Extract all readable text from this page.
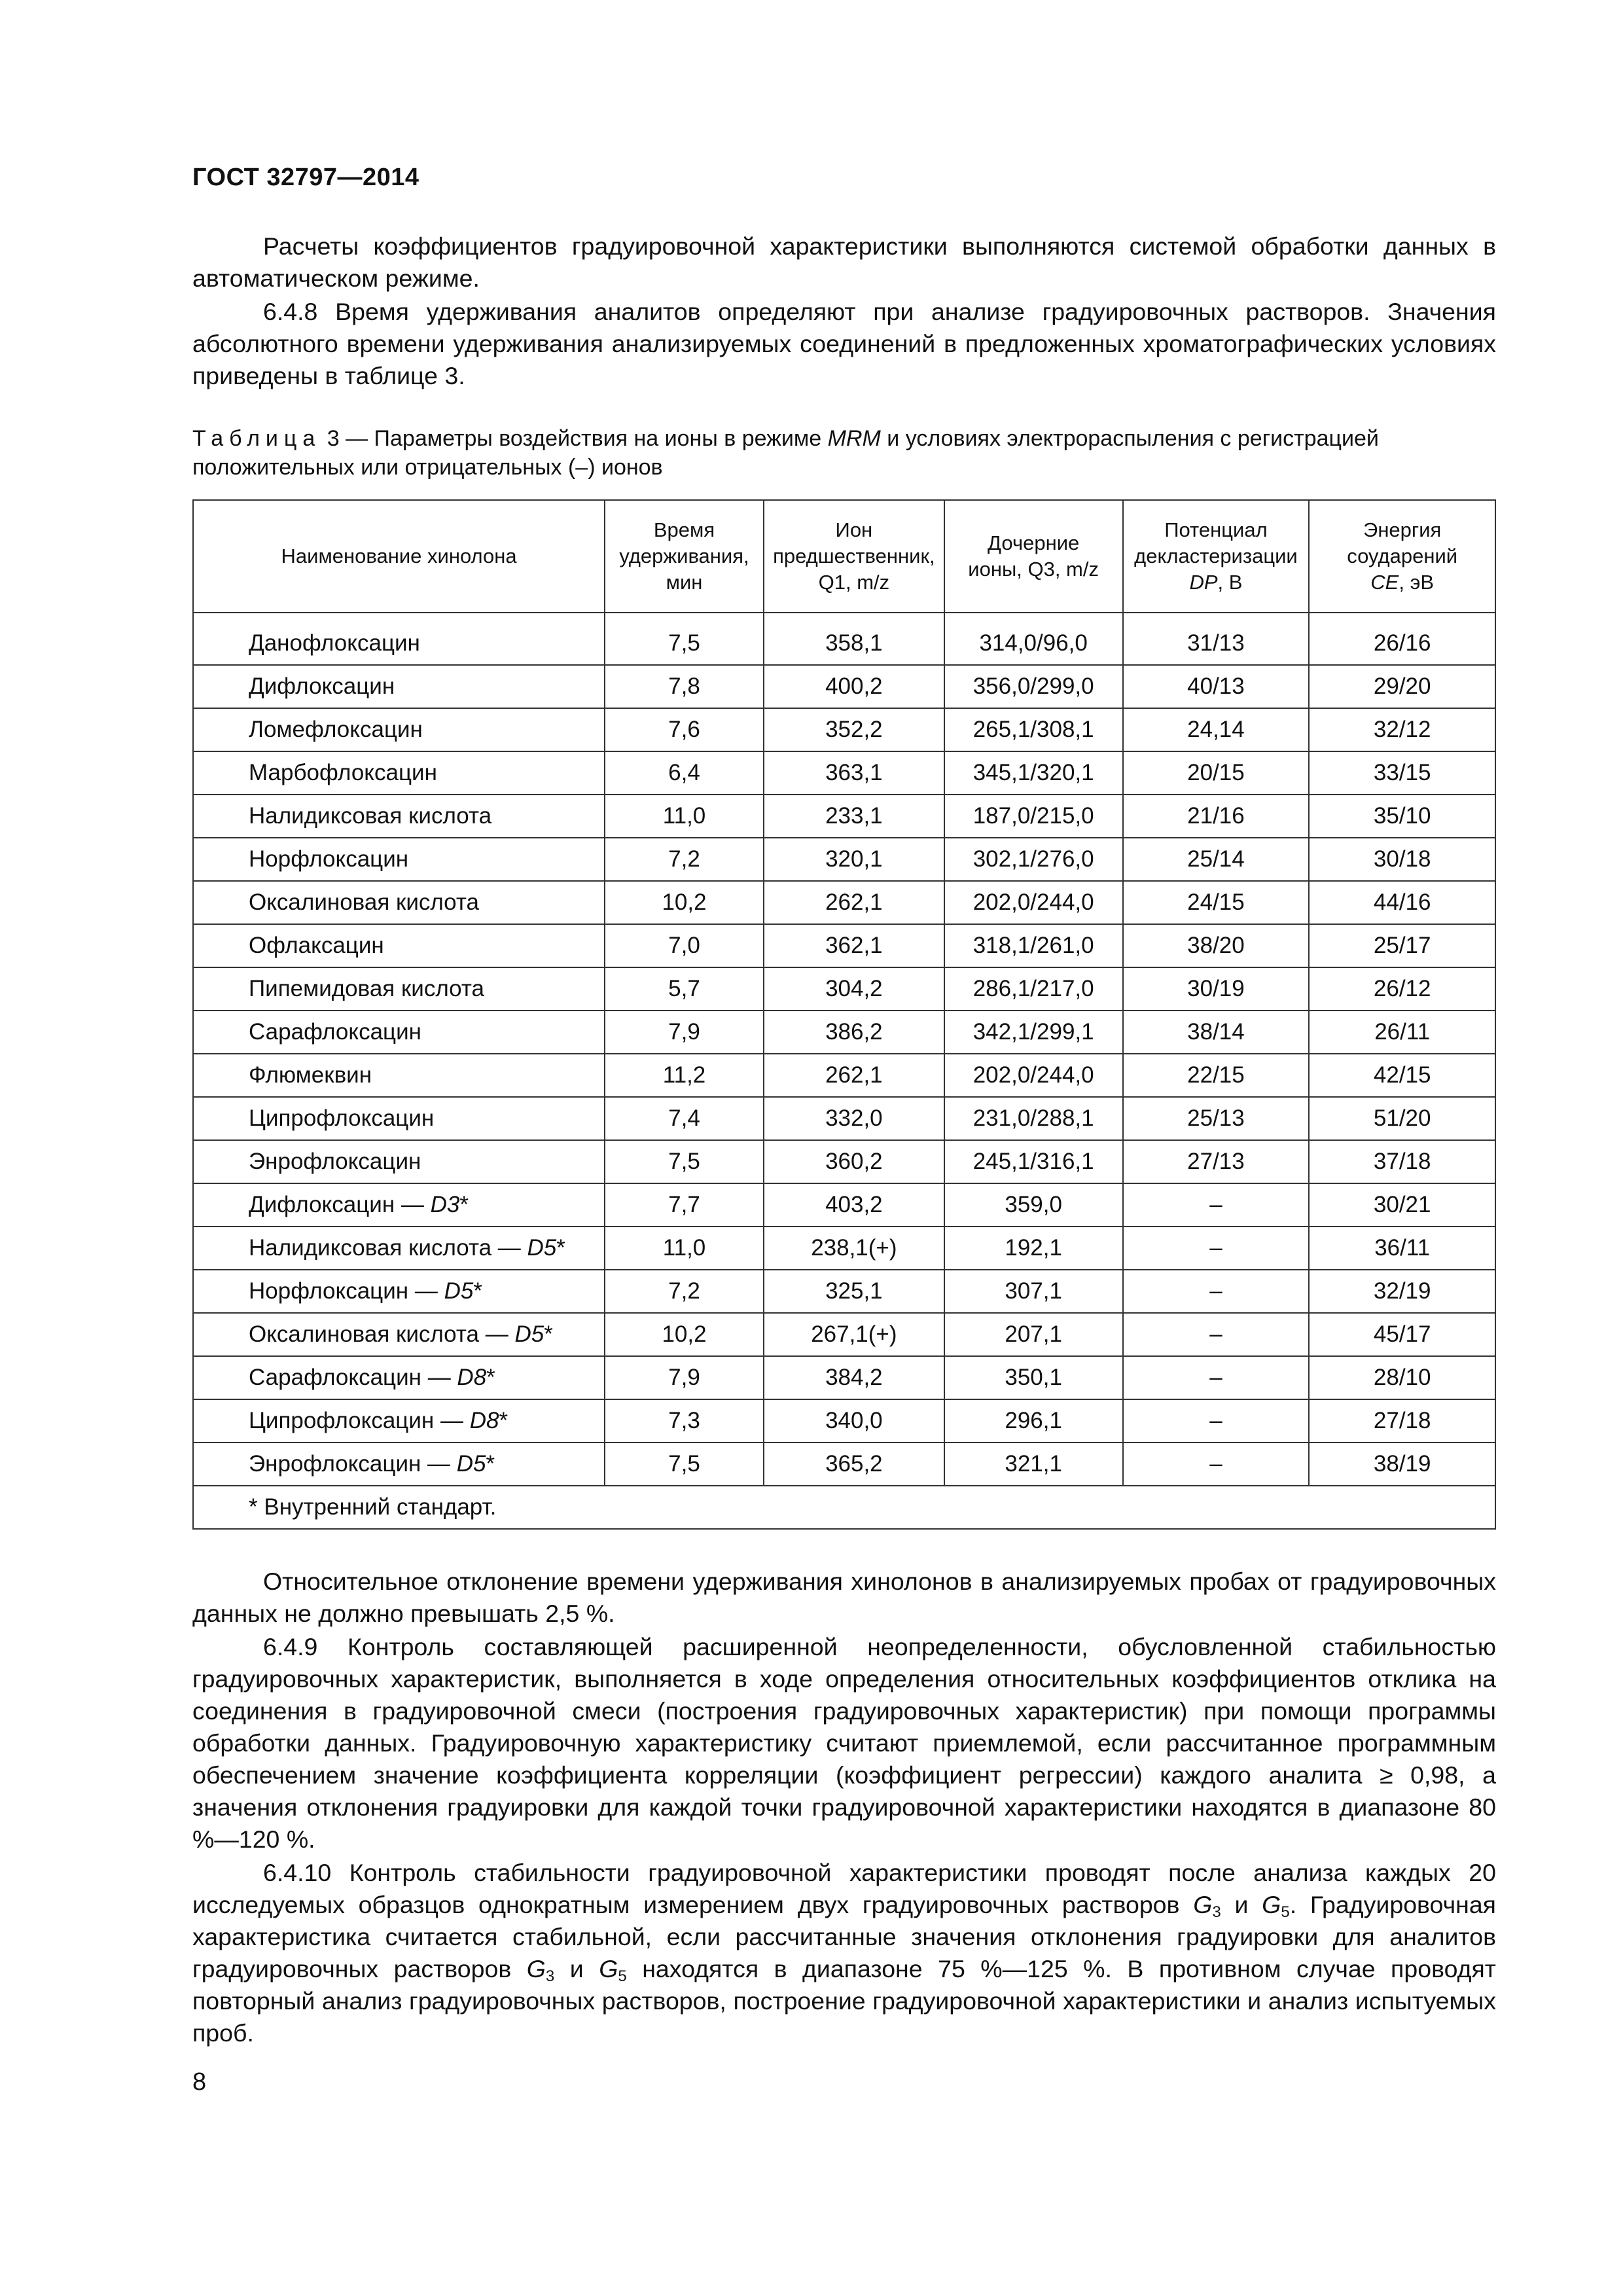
ГОСТ 32797—2014

Расчеты коэффициентов градуировочной характеристики выполняются системой обработки данных в автоматическом режиме.

6.4.8 Время удерживания аналитов определяют при анализе градуировочных растворов. Значения абсолютного времени удерживания анализируемых соединений в предложенных хроматографических условиях приведены в таблице 3.

Таблица 3 — Параметры воздействия на ионы в режиме MRM и условиях электрораспыления с регистрацией положительных или отрицательных (–) ионов

Наименование хинолона	Время
удерживания,
мин	Ион
предшественник,
Q1, m/z	Дочерние
ионы, Q3, m/z	Потенциал
декластеризации
DP, В	Энергия
соударений
CE, эВ
Данофлоксацин	7,5	358,1	314,0/96,0	31/13	26/16
Дифлоксацин	7,8	400,2	356,0/299,0	40/13	29/20
Ломефлоксацин	7,6	352,2	265,1/308,1	24,14	32/12
Марбофлоксацин	6,4	363,1	345,1/320,1	20/15	33/15
Налидиксовая кислота	11,0	233,1	187,0/215,0	21/16	35/10
Норфлоксацин	7,2	320,1	302,1/276,0	25/14	30/18
Оксалиновая кислота	10,2	262,1	202,0/244,0	24/15	44/16
Офлаксацин	7,0	362,1	318,1/261,0	38/20	25/17
Пипемидовая кислота	5,7	304,2	286,1/217,0	30/19	26/12
Сарафлоксацин	7,9	386,2	342,1/299,1	38/14	26/11
Флюмеквин	11,2	262,1	202,0/244,0	22/15	42/15
Ципрофлоксацин	7,4	332,0	231,0/288,1	25/13	51/20
Энрофлоксацин	7,5	360,2	245,1/316,1	27/13	37/18
Дифлоксацин — D3*	7,7	403,2	359,0	–	30/21
Налидиксовая кислота — D5*	11,0	238,1(+)	192,1	–	36/11
Норфлоксацин — D5*	7,2	325,1	307,1	–	32/19
Оксалиновая кислота — D5*	10,2	267,1(+)	207,1	–	45/17
Сарафлоксацин — D8*	7,9	384,2	350,1	–	28/10
Ципрофлоксацин — D8*	7,3	340,0	296,1	–	27/18
Энрофлоксацин — D5*	7,5	365,2	321,1	–	38/19
* Внутренний стандарт.					

Относительное отклонение времени удерживания хинолонов в анализируемых пробах от градуировочных данных не должно превышать 2,5 %.

6.4.9 Контроль составляющей расширенной неопределенности, обусловленной стабильностью градуировочных характеристик, выполняется в ходе определения относительных коэффициентов отклика на соединения в градуировочной смеси (построения градуировочных характеристик) при помощи программы обработки данных. Градуировочную характеристику считают приемлемой, если рассчитанное программным обеспечением значение коэффициента корреляции (коэффициент регрессии) каждого аналита ≥ 0,98, а значения отклонения градуировки для каждой точки градуировочной характеристики находятся в диапазоне 80 %—120 %.

6.4.10 Контроль стабильности градуировочной характеристики проводят после анализа каждых 20 исследуемых образцов однократным измерением двух градуировочных растворов $G_3$ и $G_5$. Градуировочная характеристика считается стабильной, если рассчитанные значения отклонения градуировки для аналитов градуировочных растворов $G_3$ и $G_5$ находятся в диапазоне 75 %—125 %. В противном случае проводят повторный анализ градуировочных растворов, построение градуировочной характеристики и анализ испытуемых проб.

8
